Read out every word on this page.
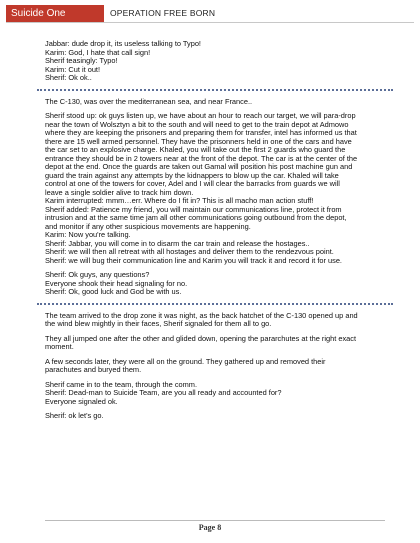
Suicide One	OPERATION FREE BORN
Jabbar: dude drop it, its useless talking to Typo!
Karim: God, I hate that call sign!
Sherif teasingly: Typo!
Karim: Cut it out!
Sherif: Ok ok..
The C-130, was over the mediterranean sea, and near France..
Sherif stood up: ok guys listen up, we have about an hour to reach our target, we will para-drop
near the town of Wolsztyn a bit to the south and will need to get to the train depot at Admowo
where they are keeping the prisoners and preparing them for transfer, intel has informed us that
there are 15 well armed personnel. They have the prisonners held in one of the cars and have
the car set to an explosive charge. Khaled, you will take out the first 2 guards who guard the
entrance they should be in 2 towers near at the front of the depot. The car is at the center of the
depot at the end. Once the guards are taken out Gamal will position his post machine gun and
guard the train against any attempts by the kidnappers to blow up the car. Khaled will take
control at one of the towers for cover, Adel and I will clear the barracks from guards we will
leave a single soldier alive to track him down.
Karim interrupted: mmm…err. Where do I fit in? This is all macho man action stuff!
Sherif added: Patience my friend, you will maintain our communications line, protect it from
intrusion and at the same time jam all other communications going outbound from the depot,
and monitor if any other suspicious movements are happening.
Karim: Now you're talking.
Sherif: Jabbar, you will come in to disarm the car train and release the hostages..
Sherif: we will then all retreat with all hostages and deliver them to the rendezvous point.
Sherif: we will bug their communication line and Karim you will track it and record it for use.
Sherif: Ok guys, any questions?
Everyone shook their head signaling for no.
Sherif: Ok, good luck and God be with us.
The team arrived to the drop zone it was night, as the back hatchet of the C-130 opened up and
the wind blew mightly in their faces, Sherif signaled for them all to go.
They all jumped one after the other and glided down, opening the pararchutes at the right exact
moment.
A few seconds later, they were all on the ground. They gathered up and removed their
parachutes and buryed them.
Sherif came in to the team, through the comm.
Sherif: Dead-man to Suicide Team, are you all ready and accounted for?
Everyone signaled ok.
Sherif: ok let's go.
Page 8
